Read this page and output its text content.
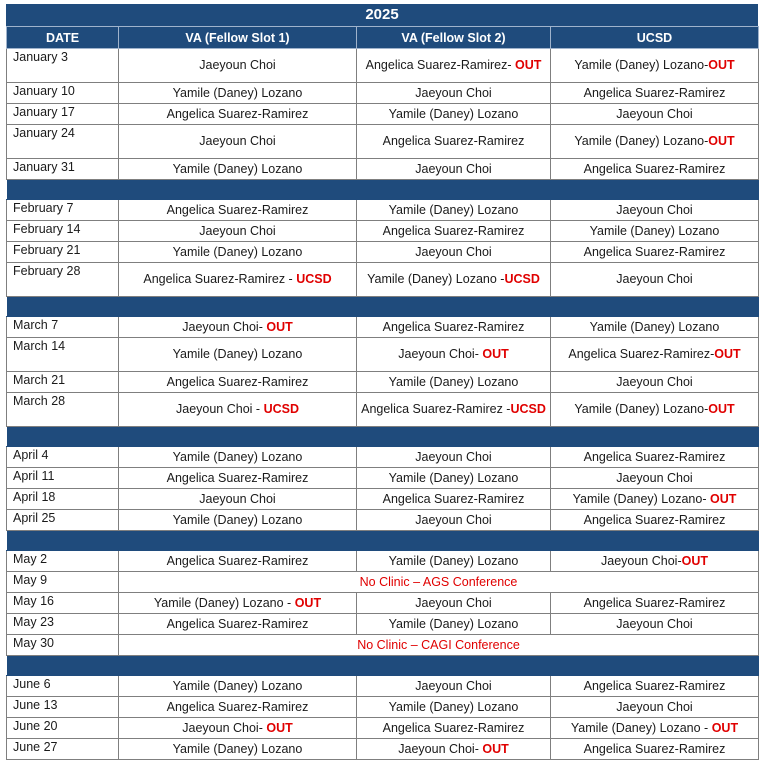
2025
DATE	VA (Fellow Slot 1)	VA (Fellow Slot 2)	UCSD
January 3	Jaeyoun Choi	Angelica Suarez-Ramirez- OUT	Yamile (Daney) Lozano-OUT
January 10	Yamile (Daney) Lozano	Jaeyoun Choi	Angelica Suarez-Ramirez
January 17	Angelica Suarez-Ramirez	Yamile (Daney) Lozano	Jaeyoun Choi
January 24	Jaeyoun Choi	Angelica Suarez-Ramirez	Yamile (Daney) Lozano-OUT
January 31	Yamile (Daney) Lozano	Jaeyoun Choi	Angelica Suarez-Ramirez

February 7	Angelica Suarez-Ramirez	Yamile (Daney) Lozano	Jaeyoun Choi
February 14	Jaeyoun Choi	Angelica Suarez-Ramirez	Yamile (Daney) Lozano
February 21	Yamile (Daney) Lozano	Jaeyoun Choi	Angelica Suarez-Ramirez
February 28	Angelica Suarez-Ramirez - UCSD	Yamile (Daney) Lozano -UCSD	Jaeyoun Choi

March 7	Jaeyoun Choi- OUT	Angelica Suarez-Ramirez	Yamile (Daney) Lozano
March 14	Yamile (Daney) Lozano	Jaeyoun Choi- OUT	Angelica Suarez-Ramirez-OUT
March 21	Angelica Suarez-Ramirez	Yamile (Daney) Lozano	Jaeyoun Choi
March 28	Jaeyoun Choi - UCSD	Angelica Suarez-Ramirez -UCSD	Yamile (Daney) Lozano-OUT

April 4	Yamile (Daney) Lozano	Jaeyoun Choi	Angelica Suarez-Ramirez
April 11	Angelica Suarez-Ramirez	Yamile (Daney) Lozano	Jaeyoun Choi
April 18	Jaeyoun Choi	Angelica Suarez-Ramirez	Yamile (Daney) Lozano- OUT
April 25	Yamile (Daney) Lozano	Jaeyoun Choi	Angelica Suarez-Ramirez

May 2	Angelica Suarez-Ramirez	Yamile (Daney) Lozano	Jaeyoun Choi-OUT
May 9	No Clinic – AGS Conference		
May 16	Yamile (Daney) Lozano - OUT	Jaeyoun Choi	Angelica Suarez-Ramirez
May 23	Angelica Suarez-Ramirez	Yamile (Daney) Lozano	Jaeyoun Choi
May 30	No Clinic – CAGI Conference		

June 6	Yamile (Daney) Lozano	Jaeyoun Choi	Angelica Suarez-Ramirez
June 13	Angelica Suarez-Ramirez	Yamile (Daney) Lozano	Jaeyoun Choi
June 20	Jaeyoun Choi- OUT	Angelica Suarez-Ramirez	Yamile (Daney) Lozano - OUT
June 27	Yamile (Daney) Lozano	Jaeyoun Choi- OUT	Angelica Suarez-Ramirez
